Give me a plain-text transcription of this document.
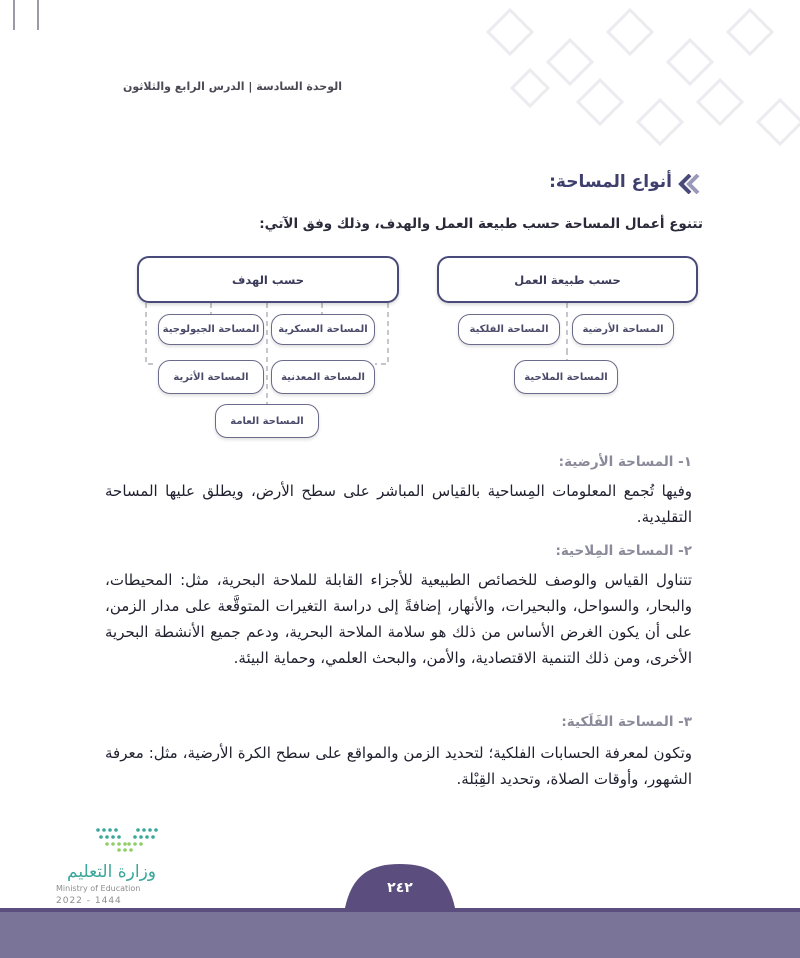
الوحدة السادسة | الدرس الرابع والثلاثون
أنواع المساحة:
تتنوع أعمال المساحة حسب طبيعة العمل والهدف، وذلك وفق الآتي:
حسب طبيعة العمل
المساحة الأرضية
المساحة الفلكية
المساحة الملاحية
حسب الهدف
المساحة العسكرية
المساحة الجيولوجية
المساحة المعدنية
المساحة الأثرية
المساحة العامة
١- المساحة الأرضية:
وفيها تُجمع المعلومات المِساحية بالقياس المباشر على سطح الأرض، ويطلق عليها المساحة التقليدية.
٢- المساحة المِلاحية:
تتناول القياس والوصف للخصائص الطبيعية للأجزاء القابلة للملاحة البحرية، مثل: المحيطات، والبحار، والسواحل، والبحيرات، والأنهار، إضافةً إلى دراسة التغيرات المتوقَّعة على مدار الزمن، على أن يكون الغرض الأساس من ذلك هو سلامة الملاحة البحرية، ودعم جميع الأنشطة البحرية الأخرى، ومن ذلك التنمية الاقتصادية، والأمن، والبحث العلمي، وحماية البيئة.
٣- المساحة الفَلَكية:
وتكون لمعرفة الحسابات الفلكية؛ لتحديد الزمن والمواقع على سطح الكرة الأرضية، مثل: معرفة الشهور، وأوقات الصلاة، وتحديد القِبْلة.
وزارة التعليم
Ministry of Education
2022 - 1444
٢٤٢
